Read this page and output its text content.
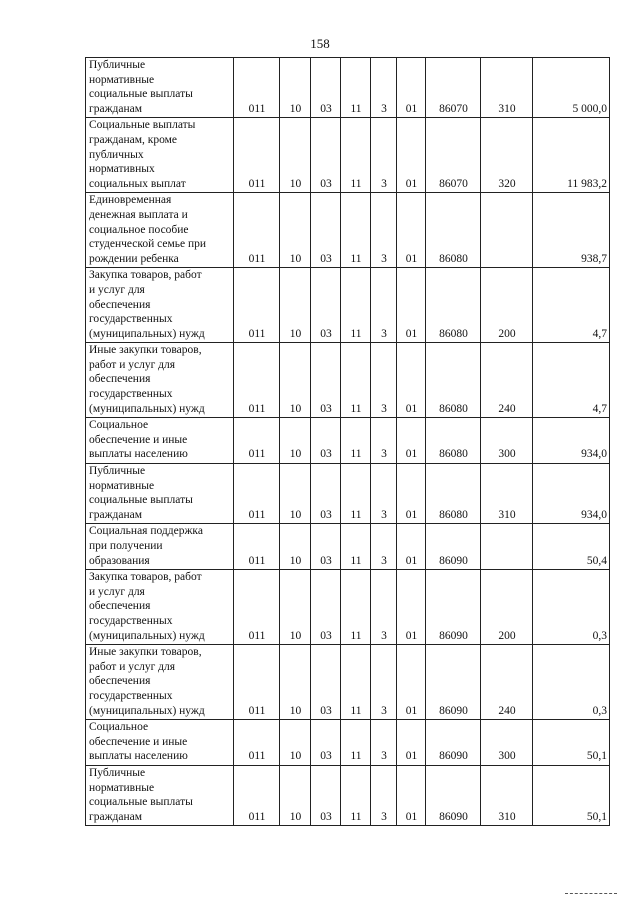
158
Публичные
нормативные
социальные выплаты
гражданам	011	10	03	11	3	01	86070	310	5 000,0
Социальные выплаты
гражданам, кроме
публичных
нормативных
социальных выплат	011	10	03	11	3	01	86070	320	11 983,2
Единовременная
денежная выплата и
социальное пособие
студенческой семье при
рождении ребенка	011	10	03	11	3	01	86080		938,7
Закупка товаров, работ
и услуг для
обеспечения
государственных
(муниципальных) нужд	011	10	03	11	3	01	86080	200	4,7
Иные закупки товаров,
работ и услуг для
обеспечения
государственных
(муниципальных) нужд	011	10	03	11	3	01	86080	240	4,7
Социальное
обеспечение и иные
выплаты населению	011	10	03	11	3	01	86080	300	934,0
Публичные
нормативные
социальные выплаты
гражданам	011	10	03	11	3	01	86080	310	934,0
Социальная поддержка
при получении
образования	011	10	03	11	3	01	86090		50,4
Закупка товаров, работ
и услуг для
обеспечения
государственных
(муниципальных) нужд	011	10	03	11	3	01	86090	200	0,3
Иные закупки товаров,
работ и услуг для
обеспечения
государственных
(муниципальных) нужд	011	10	03	11	3	01	86090	240	0,3
Социальное
обеспечение и иные
выплаты населению	011	10	03	11	3	01	86090	300	50,1
Публичные
нормативные
социальные выплаты
гражданам	011	10	03	11	3	01	86090	310	50,1
